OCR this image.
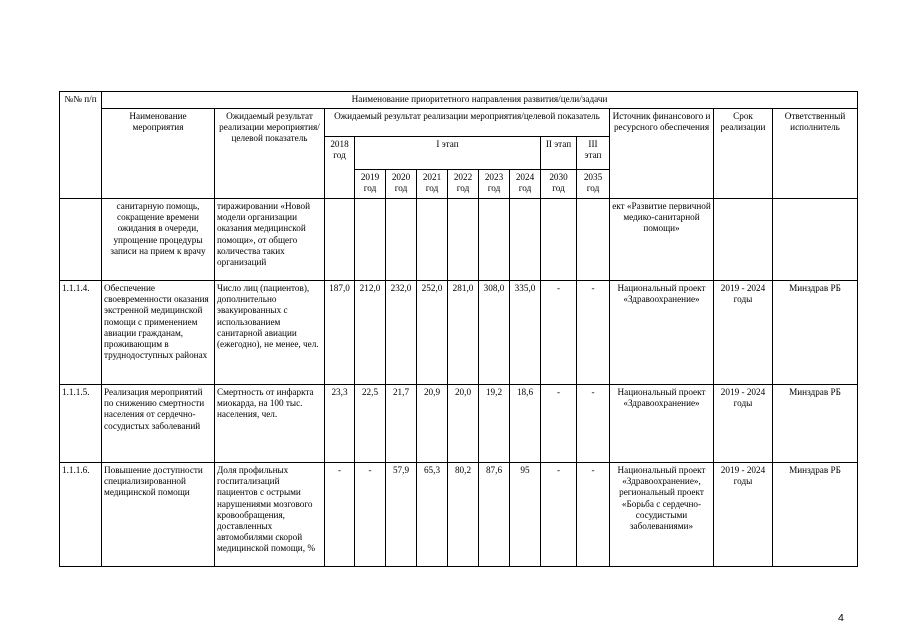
№№ п/п	Наименование приоритетного направления развития/цели/задачи													
	Наименование мероприятия	Ожидаемый результат реализации мероприятия/целевой показатель	Ожидаемый результат реализации мероприятия/целевой показатель									Источник финансового и ресурсного обеспечения	Срок реализации	Ответственный исполнитель
			2018 год	I этап						II этап	III этап			
				2019 год	2020 год	2021 год	2022 год	2023 год	2024 год	2030 год	2035 год			
	санитарную помощь, сокращение времени ожидания в очереди, упрощение процедуры записи на прием к врачу	тиражировании «Новой модели организации оказания медицинской помощи», от общего количества таких организаций										ект «Развитие первичной медико-санитарной помощи»		
1.1.1.4.	Обеспечение своевременности оказания экстренной медицинской помощи с применением авиации гражданам, проживающим в труднодоступных районах	Число лиц (пациентов), дополнительно эвакуированных с использованием санитарной авиации (ежегодно), не менее, чел.	187,0	212,0	232,0	252,0	281,0	308,0	335,0	-	-	Национальный проект «Здравоохранение»	2019 - 2024 годы	Минздрав РБ
1.1.1.5.	Реализация мероприятий по снижению смертности населения от сердечно-сосудистых заболеваний	Смертность от инфаркта миокарда, на 100 тыс. населения, чел.	23,3	22,5	21,7	20,9	20,0	19,2	18,6	-	-	Национальный проект «Здравоохранение»	2019 - 2024 годы	Минздрав РБ
1.1.1.6.	Повышение доступности специализированной медицинской помощи	Доля профильных госпитализаций пациентов с острыми нарушениями мозгового кровообращения, доставленных автомобилями скорой медицинской помощи, %	-	-	57,9	65,3	80,2	87,6	95	-	-	Национальный проект «Здравоохранение», региональный проект «Борьба с сердечно-сосудистыми заболеваниями»	2019 - 2024 годы	Минздрав РБ
4
